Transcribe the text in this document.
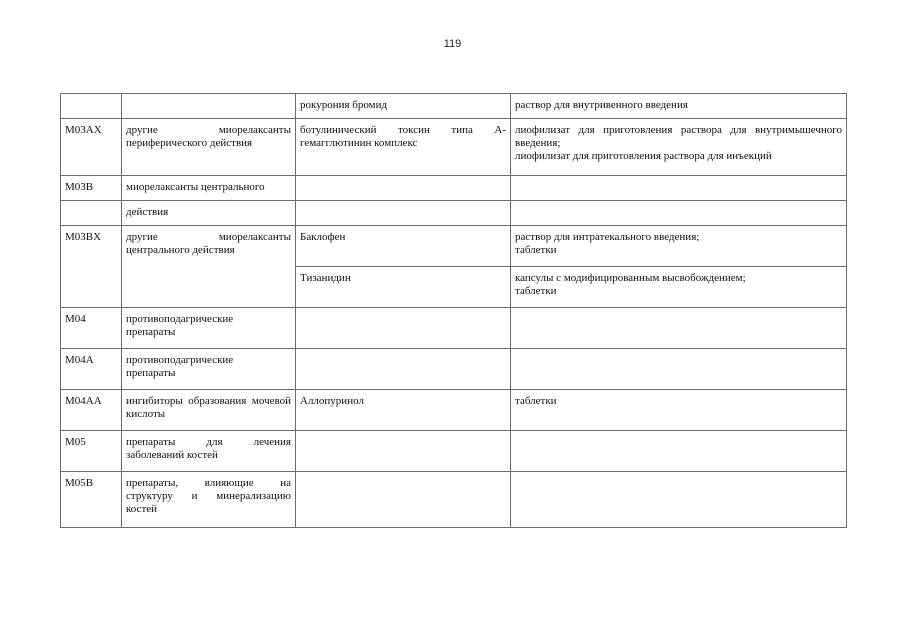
119
		рокурония бромид	раствор для внутривенного введения
M03AX	другие миорелаксанты периферического действия	ботулинический токсин типа А-гемагглютинин комплекс	лиофилизат для приготовления раствора для внутримышечного введения;
лиофилизат для приготовления раствора для инъекций
M03B	миорелаксанты центрального		
	действия		
M03BX	другие миорелаксанты центрального действия	Баклофен	раствор для интратекального введения;
таблетки
		Тизанидин	капсулы с модифицированным высвобождением;
таблетки
M04	противоподагрические препараты		
M04A	противоподагрические препараты		
M04AA	ингибиторы образования мочевой кислоты	Аллопуринол	таблетки
M05	препараты для лечения заболеваний костей		
M05B	препараты, влияющие на структуру и минерализацию костей		
